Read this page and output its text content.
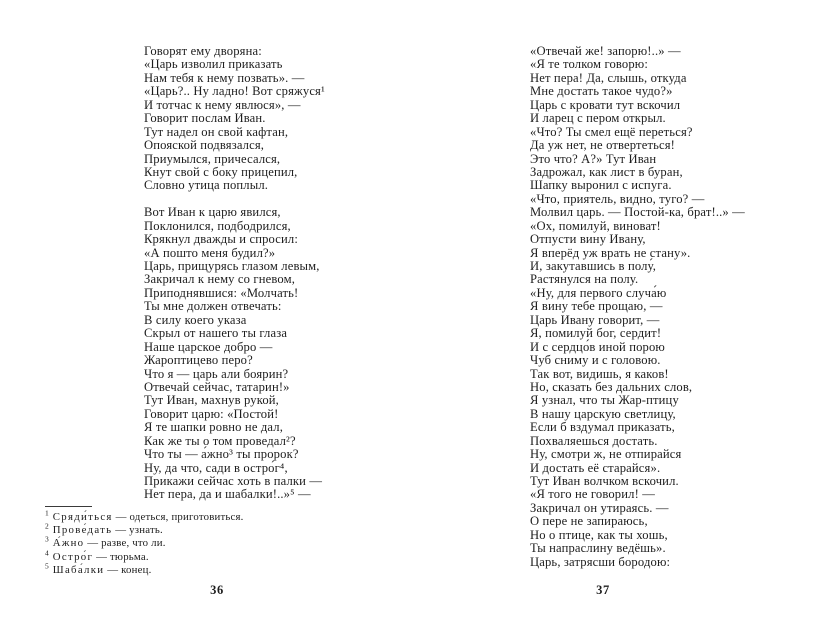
Говорят ему дворяна:
«Царь изволил приказать
Нам тебя к нему позвать». —
«Царь?.. Ну ладно! Вот сряжуся¹
И тотчас к нему явлюся», —
Говорит послам Иван.
Тут надел он свой кафтан,
Опояской подвязался,
Приумылся, причесался,
Кнут свой с боку прицепил,
Словно утица поплыл.
Вот Иван к царю явился,
Поклонился, подбодрился,
Крякнул дважды и спросил:
«А пошто меня будил?»
Царь, прищурясь глазом левым,
Закричал к нему со гневом,
Приподнявшися: «Молчать!
Ты мне должен отвечать:
В силу коего указа
Скрыл от нашего ты глаза
Наше царское добро —
Жароптицево перо?
Что я — царь али боярин?
Отвечай сейчас, татарин!»
Тут Иван, махнув рукой,
Говорит царю: «Постой!
Я те шапки ровно не дал,
Как же ты о том проведал²?
Что ты — а́жно³ ты пророк?
Ну, да что, сади в остро́г⁴,
Прикажи сейчас хоть в палки —
Нет пера, да и шабалки!..»⁵ —
$^1$ Сряди́ться — одеться, приготовиться.
$^2$ Прове́дать — узнать.
$^3$ А́жно — разве, что ли.
$^4$ Остро́г — тюрьма.
$^5$ Шаба́лки — конец.
36
«Отвечай же! запорю!..» —
«Я те толком говорю:
Нет пера! Да, слышь, откуда
Мне достать такое чудо?»
Царь с кровати тут вскочил
И ларец с пером открыл.
«Что? Ты смел ещё переться?
Да уж нет, не отвертеться!
Это что? А?» Тут Иван
Задрожал, как лист в буран,
Шапку выронил с испуга.
«Что, приятель, видно, туго? —
Молвил царь. — Постой-ка, брат!..» —
«Ох, помилуй, виноват!
Отпусти вину Ивану,
Я вперёд уж врать не стану».
И, закутавшись в полу́,
Растянулся на полу.
«Ну, для первого случа́ю
Я вину тебе прощаю, —
Царь Ивану говорит, —
Я, помилуй бог, сердит!
И с сердцо́в иной порою
Чуб сниму и с головою.
Так вот, видишь, я каков!
Но, сказать без дальних слов,
Я узнал, что ты Жар-птицу
В нашу царскую светлицу,
Если б вздумал приказать,
Похваляешься достать.
Ну, смотри ж, не отпирайся
И достать её старайся».
Тут Иван волчком вскочил.
«Я того не говорил! —
Закричал он утираясь. —
О пере не запираюсь,
Но о птице, как ты хошь,
Ты напраслину ведёшь».
Царь, затрясши бородою:
37
